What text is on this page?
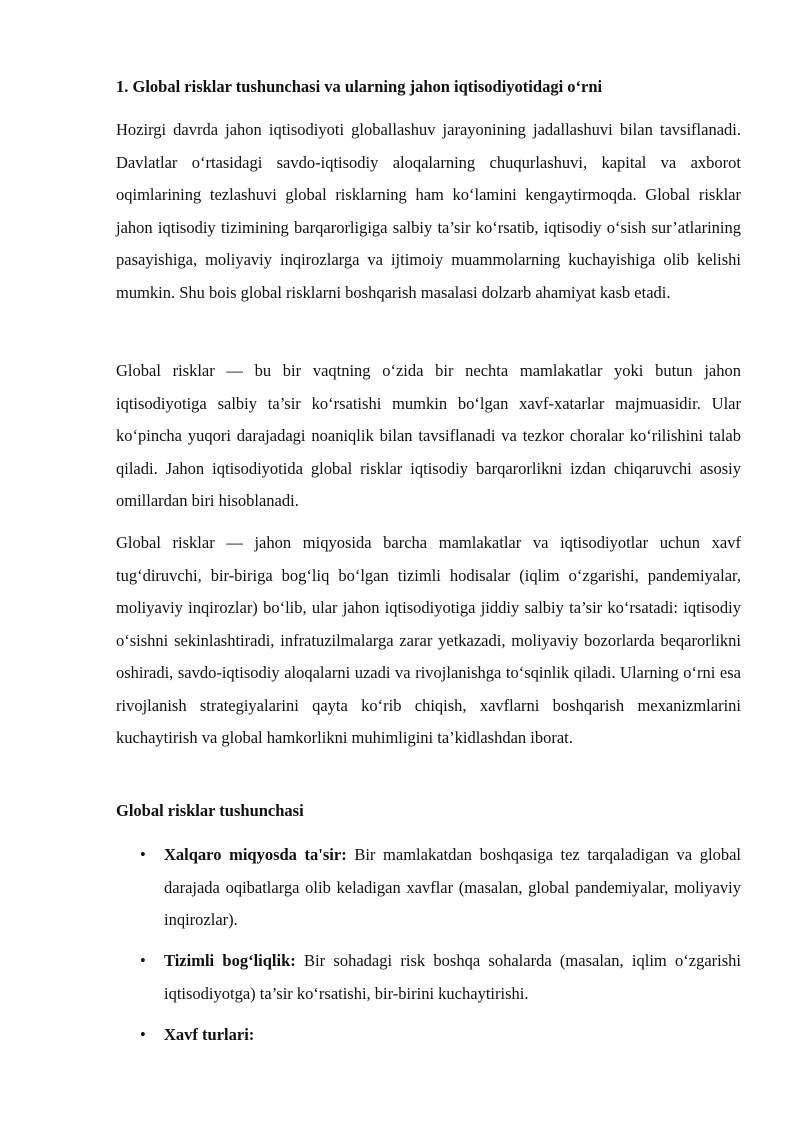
1. Global risklar tushunchasi va ularning jahon iqtisodiyotidagi o‘rni

Hozirgi davrda jahon iqtisodiyoti globallashuv jarayonining jadallashuvi bilan tavsiflanadi. Davlatlar o‘rtasidagi savdo-iqtisodiy aloqalarning chuqurlashuvi, kapital va axborot oqimlarining tezlashuvi global risklarning ham ko‘lamini kengaytirmoqda. Global risklar jahon iqtisodiy tizimining barqarorligiga salbiy ta’sir ko‘rsatib, iqtisodiy o‘sish sur’atlarining pasayishiga, moliyaviy inqirozlarga va ijtimoiy muammolarning kuchayishiga olib kelishi mumkin. Shu bois global risklarni boshqarish masalasi dolzarb ahamiyat kasb etadi.

Global risklar — bu bir vaqtning o‘zida bir nechta mamlakatlar yoki butun jahon iqtisodiyotiga salbiy ta’sir ko‘rsatishi mumkin bo‘lgan xavf-xatarlar majmuasidir. Ular ko‘pincha yuqori darajadagi noaniqlik bilan tavsiflanadi va tezkor choralar ko‘rilishini talab qiladi. Jahon iqtisodiyotida global risklar iqtisodiy barqarorlikni izdan chiqaruvchi asosiy omillardan biri hisoblanadi.

Global risklar — jahon miqyosida barcha mamlakatlar va iqtisodiyotlar uchun xavf tug‘diruvchi, bir-biriga bog‘liq bo‘lgan tizimli hodisalar (iqlim o‘zgarishi, pandemiyalar, moliyaviy inqirozlar) bo‘lib, ular jahon iqtisodiyotiga jiddiy salbiy ta’sir ko‘rsatadi: iqtisodiy o‘sishni sekinlashtiradi, infratuzilmalarga zarar yetkazadi, moliyaviy bozorlarda beqarorlikni oshiradi, savdo-iqtisodiy aloqalarni uzadi va rivojlanishga to‘sqinlik qiladi. Ularning o‘rni esa rivojlanish strategiyalarini qayta ko‘rib chiqish, xavflarni boshqarish mexanizmlarini kuchaytirish va global hamkorlikni muhimligini ta’kidlashdan iborat.

Global risklar tushunchasi
• Xalqaro miqyosda ta'sir: Bir mamlakatdan boshqasiga tez tarqaladigan va global darajada oqibatlarga olib keladigan xavflar (masalan, global pandemiyalar, moliyaviy inqirozlar).
• Tizimli bog‘liqlik: Bir sohadagi risk boshqa sohalarda (masalan, iqlim o‘zgarishi iqtisodiyotga) ta’sir ko‘rsatishi, bir-birini kuchaytirishi.
• Xavf turlari:
